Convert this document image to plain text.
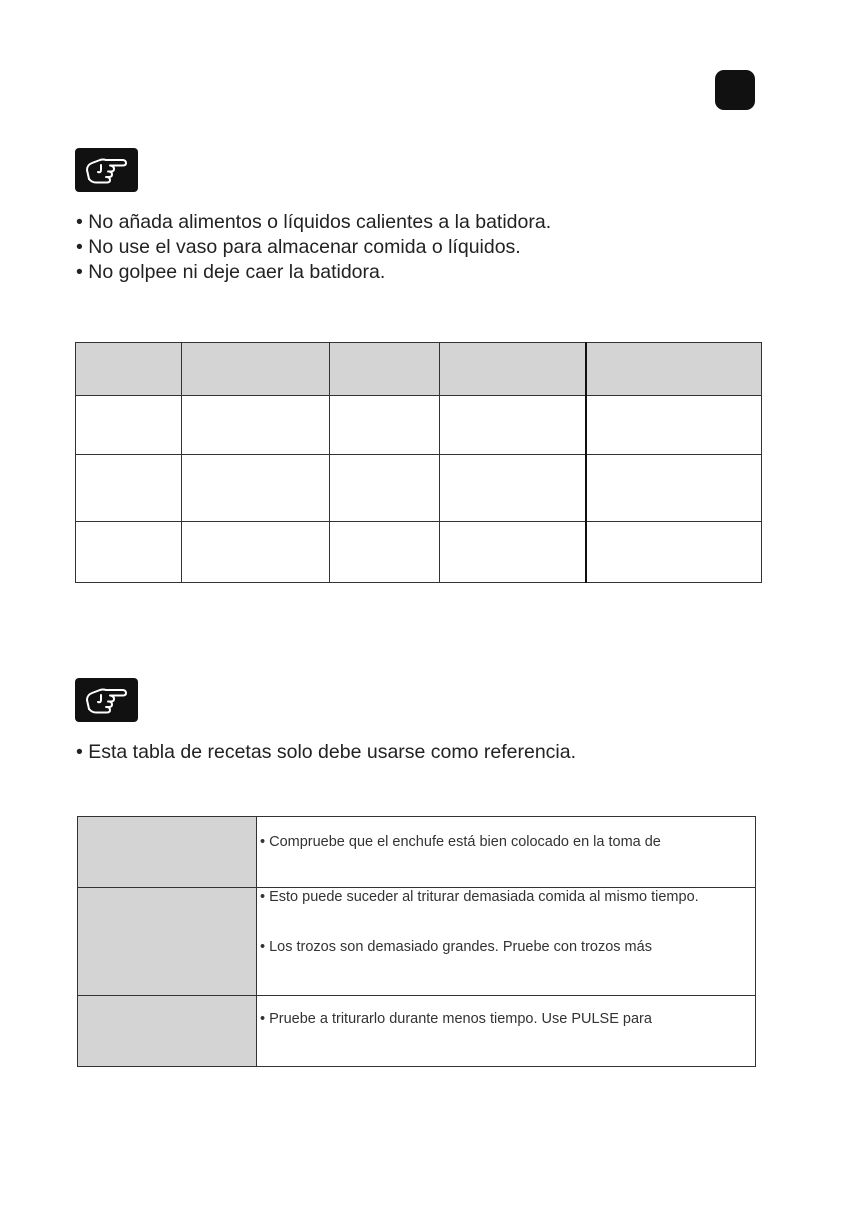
• No añada alimentos o líquidos calientes a la batidora.
• No use el vaso para almacenar comida o líquidos.
• No golpee ni deje caer la batidora.

• Esta tabla de recetas solo debe usarse como referencia.

	• Compruebe que el enchufe está bien colocado en la toma de

	• Esto puede suceder al triturar demasiada comida al mismo tiempo.
• Los trozos son demasiado grandes. Pruebe con trozos más

	• Pruebe a triturarlo durante menos tiempo. Use PULSE para
